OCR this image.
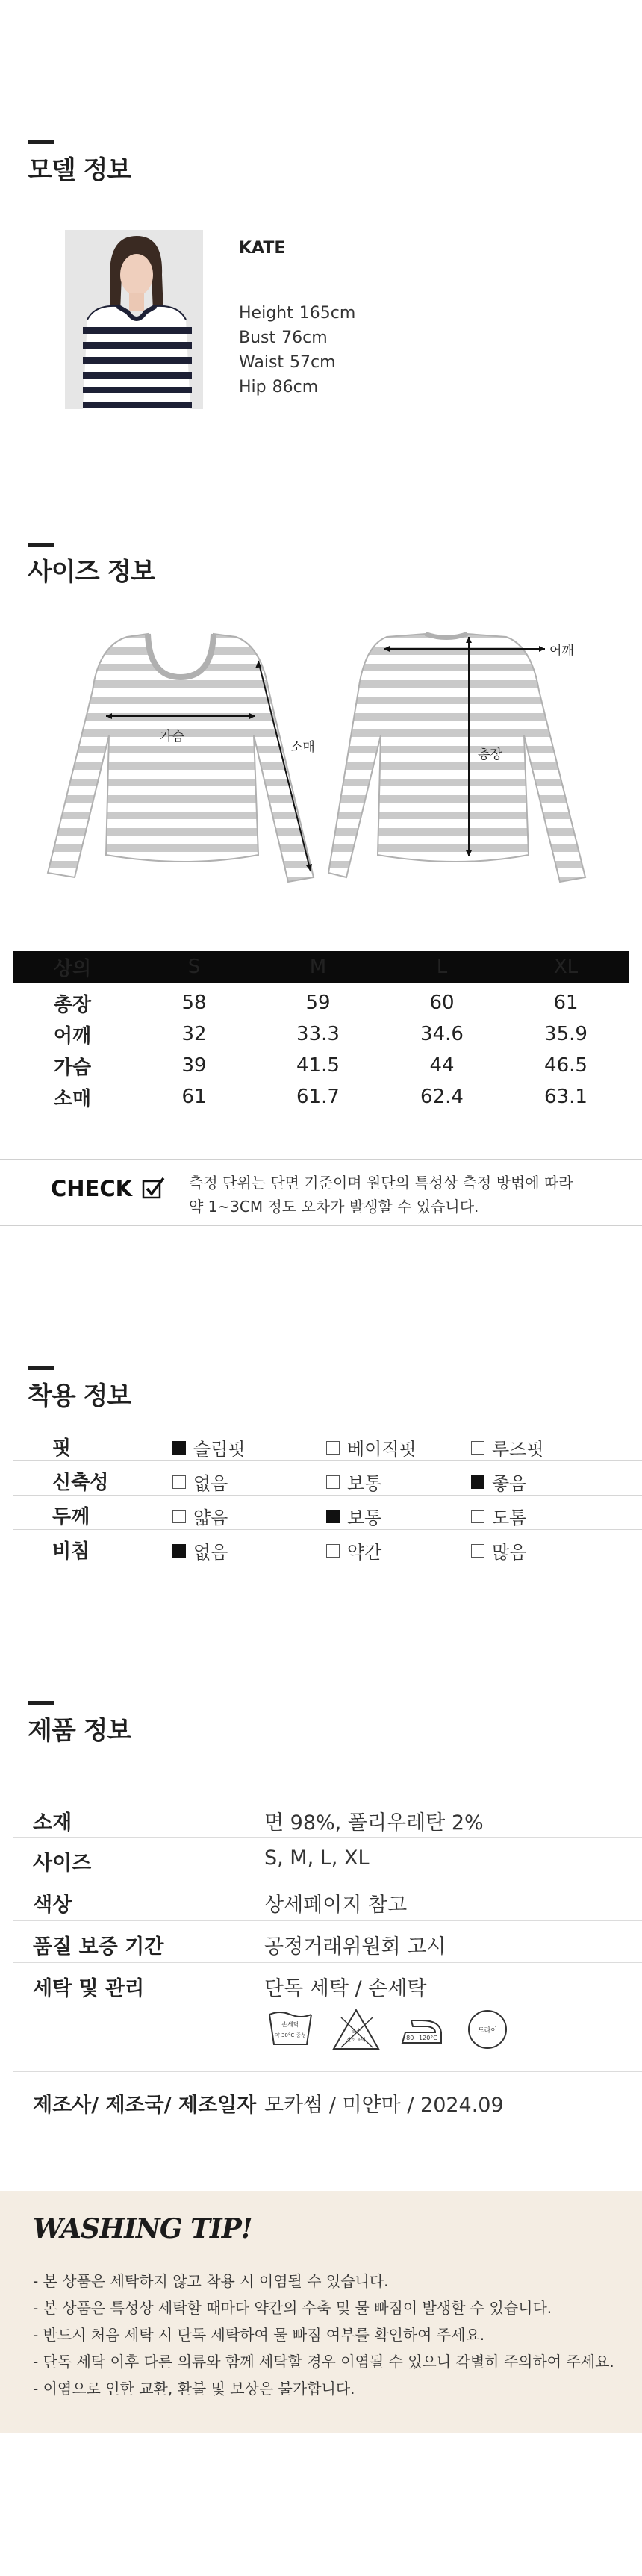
모델 정보
KATE
Height 165cm
Bust 76cm
Waist 57cm
Hip 86cm
사이즈 정보
가슴
소매
어깨
총장
상의	S	M	L	XL
총장	58	59	60	61
어깨	32	33.3	34.6	35.9
가슴	39	41.5	44	46.5
소매	61	61.7	62.4	63.1
CHECK	측정 단위는 단면 기준이며 원단의 특성상 측정 방법에 따라
약 1~3CM 정도 오차가 발생할 수 있습니다.
착용 정보
핏	슬림핏	베이직핏	루즈핏
신축성	없음	보통	좋음
두께	얇음	보통	도톰
비침	없음	약간	많음
제품 정보
소재	면 98%, 폴리우레탄 2%
사이즈	S, M, L, XL
색상	상세페이지 참고
품질 보증 기간	공정거래위원회 고시
세탁 및 관리	단독 세탁 / 손세탁
제조사/ 제조국/ 제조일자 모카썸 / 미얀마 / 2024.09
손세탁
약 30°C 중성
염소
산소 표백	80~120°C
드라이
WASHING TIP!
- 본 상품은 세탁하지 않고 착용 시 이염될 수 있습니다.
- 본 상품은 특성상 세탁할 때마다 약간의 수축 및 물 빠짐이 발생할 수 있습니다.
- 반드시 처음 세탁 시 단독 세탁하여 물 빠짐 여부를 확인하여 주세요.
- 단독 세탁 이후 다른 의류와 함께 세탁할 경우 이염될 수 있으니 각별히 주의하여 주세요.
- 이염으로 인한 교환, 환불 및 보상은 불가합니다.
